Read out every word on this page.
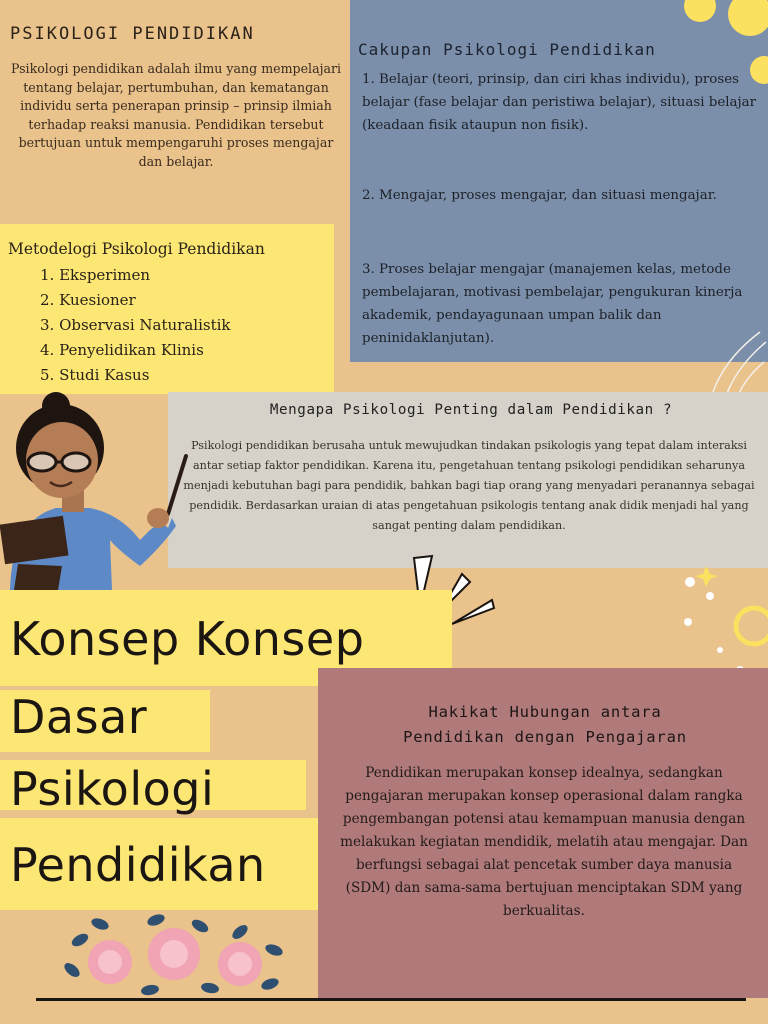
PSIKOLOGI PENDIDIKAN
Psikologi pendidikan adalah ilmu yang mempelajari tentang belajar, pertumbuhan, dan kematangan individu serta penerapan prinsip – prinsip ilmiah terhadap reaksi manusia. Pendidikan tersebut bertujuan untuk mempengaruhi proses mengajar dan belajar.
Cakupan Psikologi Pendidikan
1. Belajar (teori, prinsip, dan ciri khas individu), proses belajar (fase belajar dan peristiwa belajar), situasi belajar (keadaan fisik ataupun non fisik).
2. Mengajar, proses mengajar, dan situasi mengajar.
3. Proses belajar mengajar (manajemen kelas, metode pembelajaran, motivasi pembelajar, pengukuran kinerja akademik, pendayagunaan umpan balik dan peninidaklanjutan).
Metodelogi Psikologi Pendidikan
1. Eksperimen
2. Kuesioner
3. Observasi Naturalistik
4. Penyelidikan Klinis
5. Studi Kasus
Mengapa Psikologi Penting dalam Pendidikan ?
Psikologi pendidikan berusaha untuk mewujudkan tindakan psikologis yang tepat dalam interaksi antar setiap faktor pendidikan. Karena itu, pengetahuan tentang psikologi pendidikan seharunya menjadi kebutuhan bagi para pendidik, bahkan bagi tiap orang yang menyadari peranannya sebagai pendidik. Berdasarkan uraian di atas pengetahuan psikologis tentang anak didik menjadi hal yang sangat penting dalam pendidikan.
Konsep Konsep
Dasar
Psikologi
Pendidikan
Hakikat Hubungan antara
Pendidikan dengan Pengajaran
Pendidikan merupakan konsep idealnya, sedangkan pengajaran merupakan konsep operasional dalam rangka pengembangan potensi atau kemampuan manusia dengan melakukan kegiatan mendidik, melatih atau mengajar. Dan berfungsi sebagai alat pencetak sumber daya manusia (SDM) dan sama-sama bertujuan menciptakan SDM yang berkualitas.
